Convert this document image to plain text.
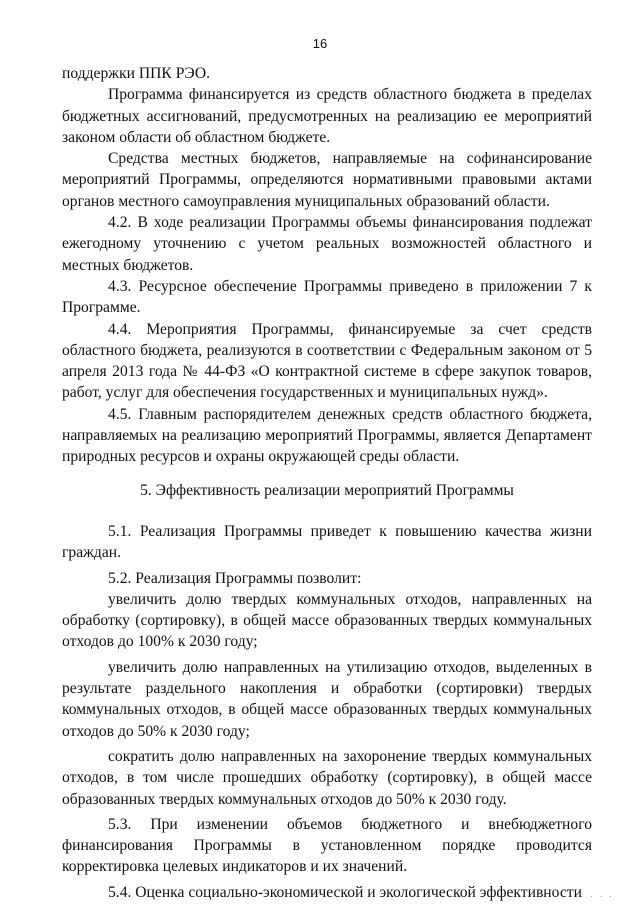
16

поддержки ППК РЭО.

Программа финансируется из средств областного бюджета в пределах бюджетных ассигнований, предусмотренных на реализацию ее мероприятий законом области об областном бюджете.

Средства местных бюджетов, направляемые на софинансирование мероприятий Программы, определяются нормативными правовыми актами органов местного самоуправления муниципальных образований области.

4.2. В ходе реализации Программы объемы финансирования подлежат ежегодному уточнению с учетом реальных возможностей областного и местных бюджетов.

4.3. Ресурсное обеспечение Программы приведено в приложении 7 к Программе.

4.4. Мероприятия Программы, финансируемые за счет средств областного бюджета, реализуются в соответствии с Федеральным законом от 5 апреля 2013 года № 44-ФЗ «О контрактной системе в сфере закупок товаров, работ, услуг для обеспечения государственных и муниципальных нужд».

4.5. Главным распорядителем денежных средств областного бюджета, направляемых на реализацию мероприятий Программы, является Департамент природных ресурсов и охраны окружающей среды области.

5. Эффективность реализации мероприятий Программы

5.1. Реализация Программы приведет к повышению качества жизни граждан.

5.2. Реализация Программы позволит:

увеличить долю твердых коммунальных отходов, направленных на обработку (сортировку), в общей массе образованных твердых коммунальных отходов до 100% к 2030 году;

увеличить долю направленных на утилизацию отходов, выделенных в результате раздельного накопления и обработки (сортировки) твердых коммунальных отходов, в общей массе образованных твердых коммунальных отходов до 50% к 2030 году;

сократить долю направленных на захоронение твердых коммунальных отходов, в том числе прошедших обработку (сортировку), в общей массе образованных твердых коммунальных отходов до 50% к 2030 году.

5.3. При изменении объемов бюджетного и внебюджетного финансирования Программы в установленном порядке проводится корректировка целевых индикаторов и их значений.

5.4. Оценка социально-экономической и экологической эффективности

· · · ·
